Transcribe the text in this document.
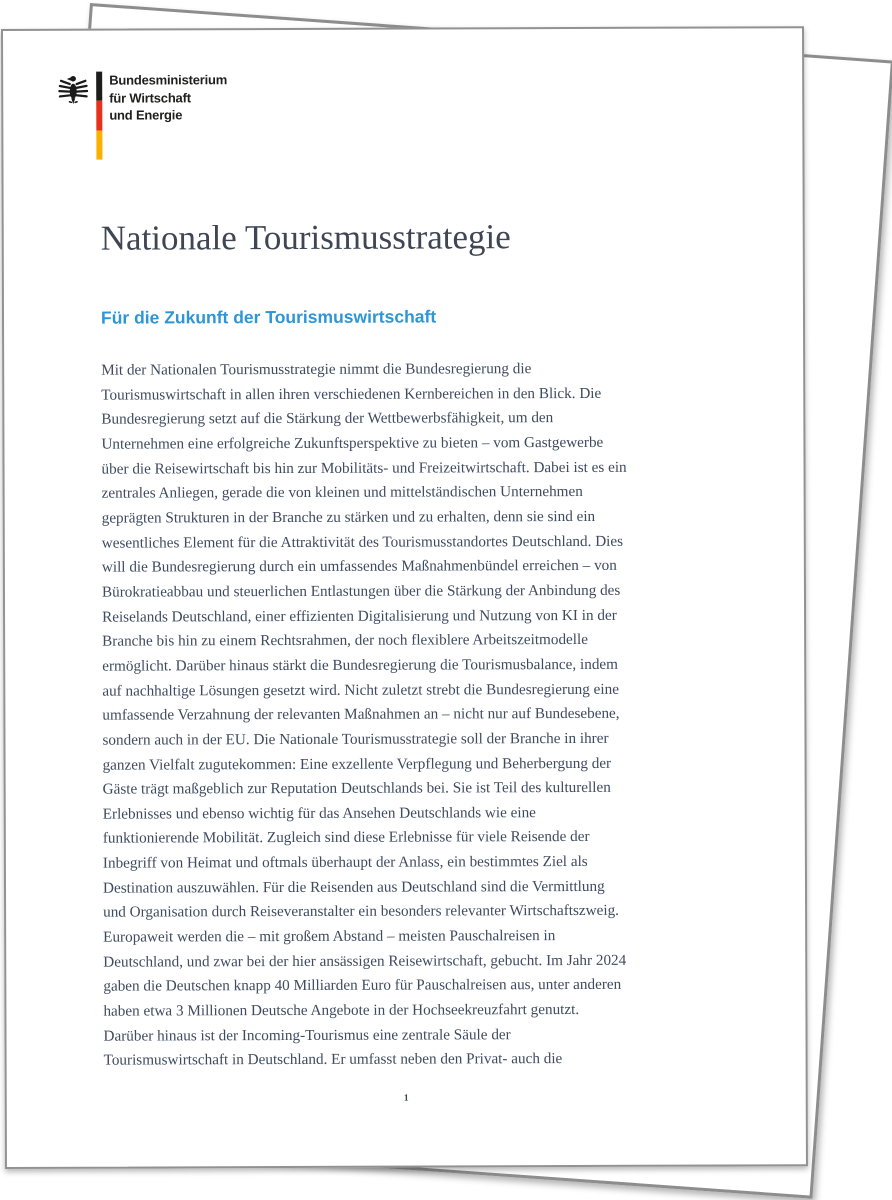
Bundesministerium
für Wirtschaft
und Energie
Nationale Tourismusstrategie
Für die Zukunft der Tourismuswirtschaft
Mit der Nationalen Tourismusstrategie nimmt die Bundesregierung die
Tourismuswirtschaft in allen ihren verschiedenen Kernbereichen in den Blick. Die
Bundesregierung setzt auf die Stärkung der Wettbewerbsfähigkeit, um den
Unternehmen eine erfolgreiche Zukunftsperspektive zu bieten – vom Gastgewerbe
über die Reisewirtschaft bis hin zur Mobilitäts- und Freizeitwirtschaft. Dabei ist es ein
zentrales Anliegen, gerade die von kleinen und mittelständischen Unternehmen
geprägten Strukturen in der Branche zu stärken und zu erhalten, denn sie sind ein
wesentliches Element für die Attraktivität des Tourismusstandortes Deutschland. Dies
will die Bundesregierung durch ein umfassendes Maßnahmenbündel erreichen – von
Bürokratieabbau und steuerlichen Entlastungen über die Stärkung der Anbindung des
Reiselands Deutschland, einer effizienten Digitalisierung und Nutzung von KI in der
Branche bis hin zu einem Rechtsrahmen, der noch flexiblere Arbeitszeitmodelle
ermöglicht. Darüber hinaus stärkt die Bundesregierung die Tourismusbalance, indem
auf nachhaltige Lösungen gesetzt wird. Nicht zuletzt strebt die Bundesregierung eine
umfassende Verzahnung der relevanten Maßnahmen an – nicht nur auf Bundesebene,
sondern auch in der EU. Die Nationale Tourismusstrategie soll der Branche in ihrer
ganzen Vielfalt zugutekommen: Eine exzellente Verpflegung und Beherbergung der
Gäste trägt maßgeblich zur Reputation Deutschlands bei. Sie ist Teil des kulturellen
Erlebnisses und ebenso wichtig für das Ansehen Deutschlands wie eine
funktionierende Mobilität. Zugleich sind diese Erlebnisse für viele Reisende der
Inbegriff von Heimat und oftmals überhaupt der Anlass, ein bestimmtes Ziel als
Destination auszuwählen. Für die Reisenden aus Deutschland sind die Vermittlung
und Organisation durch Reiseveranstalter ein besonders relevanter Wirtschaftszweig.
Europaweit werden die – mit großem Abstand – meisten Pauschalreisen in
Deutschland, und zwar bei der hier ansässigen Reisewirtschaft, gebucht. Im Jahr 2024
gaben die Deutschen knapp 40 Milliarden Euro für Pauschalreisen aus, unter anderen
haben etwa 3 Millionen Deutsche Angebote in der Hochseekreuzfahrt genutzt.
Darüber hinaus ist der Incoming-Tourismus eine zentrale Säule der
Tourismuswirtschaft in Deutschland. Er umfasst neben den Privat- auch die
1
